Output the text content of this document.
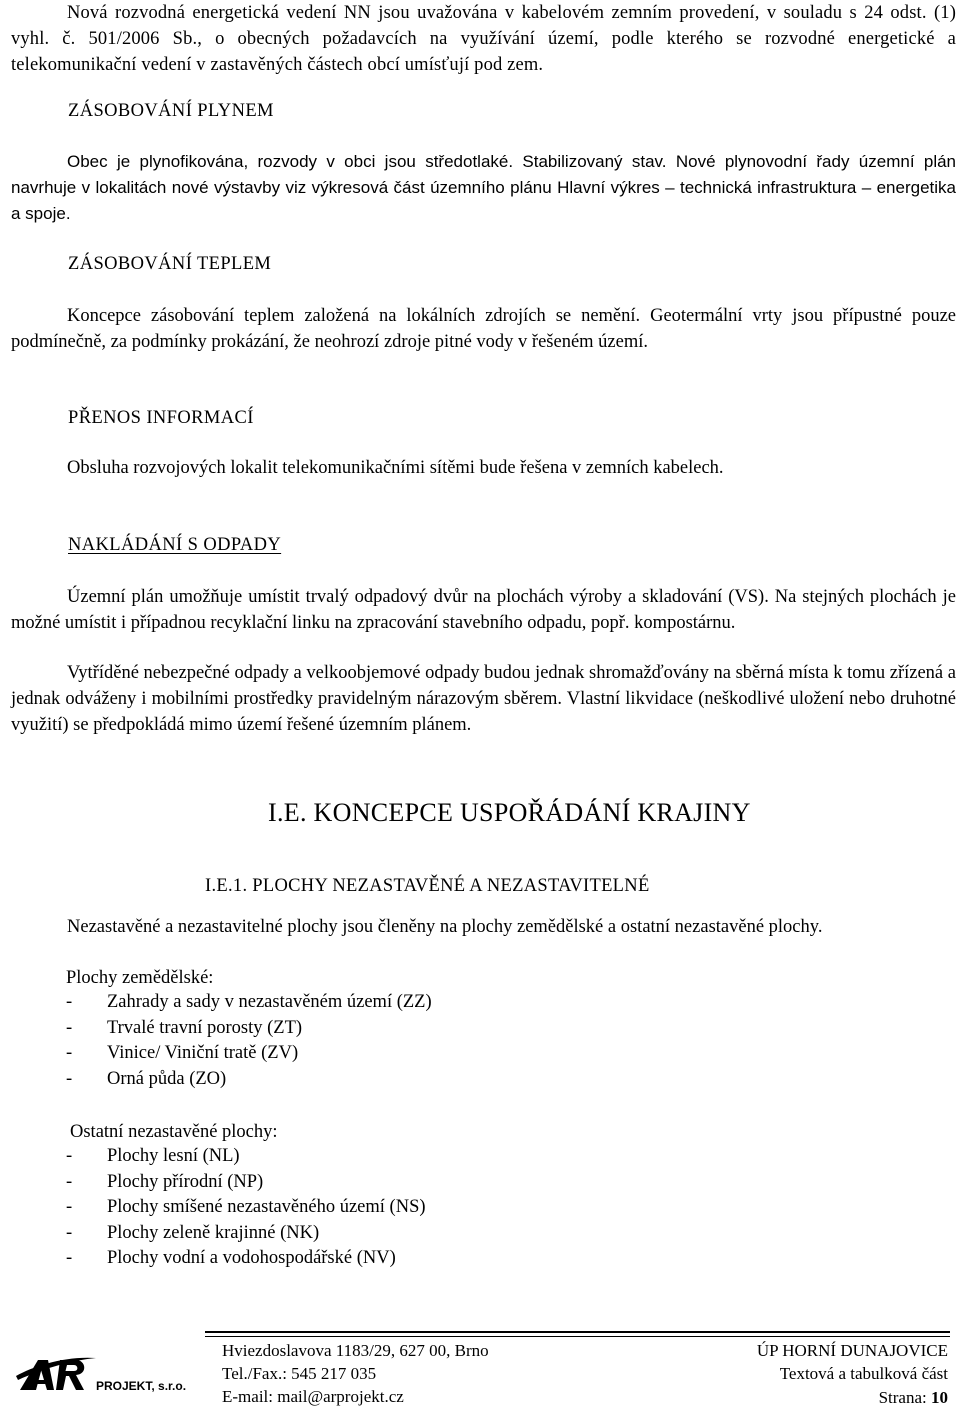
Nová rozvodná energetická vedení NN jsou uvažována v kabelovém zemním provedení, v souladu s 24 odst. (1) vyhl. č. 501/2006 Sb., o obecných požadavcích na využívání území, podle kterého se rozvodné energetické a telekomunikační vedení v zastavěných částech obcí umísťují pod zem.

ZÁSOBOVÁNÍ PLYNEM

Obec je plynofikována, rozvody v obci jsou středotlaké. Stabilizovaný stav. Nové plynovodní řady územní plán navrhuje v lokalitách nové výstavby viz výkresová část územního plánu Hlavní výkres – technická infrastruktura – energetika a spoje.

ZÁSOBOVÁNÍ TEPLEM

Koncepce zásobování teplem založená na lokálních zdrojích se nemění. Geotermální vrty jsou přípustné pouze podmínečně, za podmínky prokázání, že neohrozí zdroje pitné vody v řešeném území.

PŘENOS INFORMACÍ

Obsluha rozvojových lokalit telekomunikačními sítěmi bude řešena v zemních kabelech.

NAKLÁDÁNÍ S ODPADY

Územní plán umožňuje umístit trvalý odpadový dvůr na plochách výroby a skladování (VS). Na stejných plochách je možné umístit i případnou recyklační linku na zpracování stavebního odpadu, popř. kompostárnu.

Vytříděné nebezpečné odpady a velkoobjemové odpady budou jednak shromažďovány na sběrná místa k tomu zřízená a jednak odváženy i mobilními prostředky pravidelným nárazovým sběrem. Vlastní likvidace (neškodlivé uložení nebo druhotné využití) se předpokládá mimo území řešené územním plánem.

I.E. KONCEPCE USPOŘÁDÁNÍ KRAJINY
I.E.1. PLOCHY NEZASTAVĚNÉ A NEZASTAVITELNÉ

Nezastavěné a nezastavitelné plochy jsou členěny na plochy zemědělské a ostatní nezastavěné plochy.

Plochy zemědělské:

- Zahrady a sady v nezastavěném území (ZZ)
- Trvalé travní porosty (ZT)
- Vinice/ Viniční tratě (ZV)
- Orná půda (ZO)

Ostatní nezastavěné plochy:

- Plochy lesní (NL)
- Plochy přírodní (NP)
- Plochy smíšené nezastavěného území (NS)
- Plochy zeleně krajinné (NK)
- Plochy vodní a vodohospodářské (NV)
PROJEKT, s.r.o.

Hviezdoslavova 1183/29, 627 00, Brno

Tel./Fax.: 545 217 035

E-mail: mail@arprojekt.cz

ÚP HORNÍ DUNAJOVICE

Textová a tabulková část

Strana: 10
